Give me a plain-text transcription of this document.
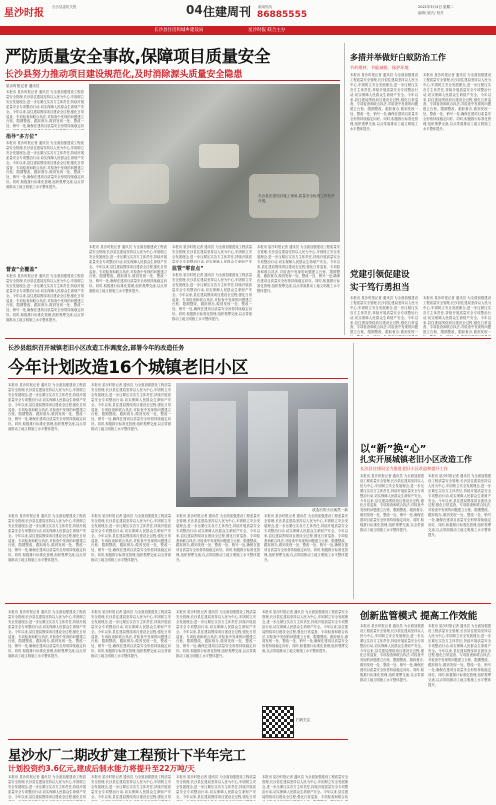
星沙时报
长沙县委机关报	04 住建周刊 新闻热线
86885555
2021年5月4日 星期二
编辑/ 版式/ 校对
长沙县住房和城乡建设局	星沙时报 联合主办
严防质量安全事故,保障项目质量安全
长沙县努力推动项目建设规范化,及时消除源头质量安全隐患
星沙时报记者 通讯员
本报讯 星沙时报记者 通讯员 为全面加强建设工程质量安全管理,长沙县住建局坚持以人民为中心,牢固树立安全发展理念,进一步压紧压实各方主体责任,持续开展质量安全专项整治行动,切实保障人民群众生命财产安全。今年以来,县住建局围绕项目建设全过程,强化日常巡查、专项检查和联合执法,对检查中发现的问题建立台账、限期整改、跟踪督办,做到发现一处、整改一处、销号一处,确保在建项目质量安全形势持续稳定向
指导“多方位”
本报讯 星沙时报记者 通讯员 为全面加强建设工程质量安全管理,长沙县住建局坚持以人民为中心,牢固树立安全发展理念,进一步压紧压实各方主体责任,持续开展质量安全专项整治行动,切实保障人民群众生命财产安全。今年以来,县住建局围绕项目建设全过程,强化日常巡查、专项检查和联合执法,对检查中发现的问题建立台账、限期整改、跟踪督办,做到发现一处、整改一处、销号一处,确保在建项目质量安全形势持续稳定向好。同时,积极推行标准化管理,组织观摩交流,以点带面推动工地文明施工水平整体提升。
督查“全覆盖”
本报讯 星沙时报记者 通讯员 为全面加强建设工程质量安全管理,长沙县住建局坚持以人民为中心,牢固树立安全发展理念,进一步压紧压实各方主体责任,持续开展质量安全专项整治行动,切实保障人民群众生命财产安全。今年以来,县住建局围绕项目建设全过程,强化日常巡查、专项检查和联合执法,对检查中发现的问题建立台账、限期整改、跟踪督办,做到发现一处、整改一处、销号一处,确保在建项目质量安全形势持续稳定向好。同时,积极推行标准化管理,组织观摩交流,以点带面推动工地文明施工水平整体提升。
长沙县在建项目施工现场,质量安全检查工作有序开展。
本报讯 星沙时报记者 通讯员 为全面加强建设工程质量安全管理,长沙县住建局坚持以人民为中心,牢固树立安全发展理念,进一步压紧压实各方主体责任,持续开展质量安全专项整治行动,切实保障人民群众生命财产安全。今年以来,县住建局围绕项目建设全过程,强化日常巡查、专项检查和联合执法,对检查中发现的问题建立台账、限期整改、跟踪督办,做到发现一处、整改一处、销号一处,确保在建项目质量安全形势持续稳定向好。同时,积极推行标准化管理,组织观摩交流,以点带面推动工地文明施工水平整体提升。
本报讯 星沙时报记者 通讯员 为全面加强建设工程质量安全管理,长沙县住建局坚持以人民为中心,牢固树立安全发展理念,进一步压紧压实各方主体责任,持续开展质量安全专项整治行动,切实保障人民群众生命财产安
监管“零盲点”
本报讯 星沙时报记者 通讯员 为全面加强建设工程质量安全管理,长沙县住建局坚持以人民为中心,牢固树立安全发展理念,进一步压紧压实各方主体责任,持续开展质量安全专项整治行动,切实保障人民群众生命财产安全。今年以来,县住建局围绕项目建设全过程,强化日常巡查、专项检查和联合执法,对检查中发现的问题建立台账、限期整改、跟踪督办,做到发现一处、整改一处、销号一处,确保在建项目质量安全形势持续稳定向好。同时,积极推行标准化管理,组织观摩交流,以点带面推动工地文明施工水平整体提升。
本报讯 星沙时报记者 通讯员 为全面加强建设工程质量安全管理,长沙县住建局坚持以人民为中心,牢固树立安全发展理念,进一步压紧压实各方主体责任,持续开展质量安全专项整治行动,切实保障人民群众生命财产安全。今年以来,县住建局围绕项目建设全过程,强化日常巡查、专项检查和联合执法,对检查中发现的问题建立台账、限期整改、跟踪督办,做到发现一处、整改一处、销号一处,确保在建项目质量安全形势持续稳定向好。同时,积极推行标准化管理,组织观摩交流,以点带面推动工地文明施工水平整体提升。
多措并举做好白蚁防治工作
节约建材、节能减排、保护环境
本报讯 星沙时报记者 通讯员 为全面加强建设工程质量安全管理,长沙县住建局坚持以人民为中心,牢固树立安全发展理念,进一步压紧压实各方主体责任,持续开展质量安全专项整治行动,切实保障人民群众生命财产安全。今年以来,县住建局围绕项目建设全过程,强化日常巡查、专项检查和联合执法,对检查中发现的问题建立台账、限期整改、跟踪督办,做到发现一处、整改一处、销号一处,确保在建项目质量安全形势持续稳定向好。同时,积极推行标准化管理,组织观摩交流,以点带面推动工地文明施工水平整体提升。
本报讯 星沙时报记者 通讯员 为全面加强建设工程质量安全管理,长沙县住建局坚持以人民为中心,牢固树立安全发展理念,进一步压紧压实各方主体责任,持续开展质量安全专项整治行动,切实保障人民群众生命财产安全。今年以来,县住建局围绕项目建设全过程,强化日常巡查、专项检查和联合执法,对检查中发现的问题建立台账、限期整改、跟踪督办,做到发现一处、整改一处、销号一处,确保在建项目质量安全形势持续稳定向好。同时,积极推行标准化管理,组织观摩交流,以点带面推动工地文明施工水平整体提升。
党建引领促建设
实干笃行勇担当
本报讯 星沙时报记者 通讯员 为全面加强建设工程质量安全管理,长沙县住建局坚持以人民为中心,牢固树立安全发展理念,进一步压紧压实各方主体责任,持续开展质量安全专项整治行动,切实保障人民群众生命财产安全。今年以来,县住建局围绕项目建设全过程,强化日常巡查、专项检查和联合执法,对检查中发现的问题建立台账、限期整改、跟踪督办,做到发现一
本报讯 星沙时报记者 通讯员 为全面加强建设工程质量安全管理,长沙县住建局坚持以人民为中心,牢固树立安全发展理念,进一步压紧压实各方主体责任,持续开展质量安全专项整治行动,切实保障人民群众生命财产安全。今年以来,县住建局围绕项目建设全过程,强化日常巡查、专项检查和联合执法,对检查中发现的问题建立台账、限期整改、跟踪督办,做到发现一
长沙县组织召开城镇老旧小区改造工作调度会,部署今年的改造任务
今年计划改造16个城镇老旧小区
本报讯 星沙时报记者 通讯员 为全面加强建设工程质量安全管理,长沙县住建局坚持以人民为中心,牢固树立安全发展理念,进一步压紧压实各方主体责任,持续开展质量安全专项整治行动,切实保障人民群众生命财产安全。今年以来,县住建局围绕项目建设全过程,强化日常巡查、专项检查和联合执法,对检查中发现的问题建立台账、限期整改、跟踪督办,做到发现一处、整改一处、销号一处,确保在建项目质量安全形势持续稳定向好。同时,积极推行标准化管理,组织观摩交流,以点带面推动工地文明施工水平整体提升。
本报讯 星沙时报记者 通讯员 为全面加强建设工程质量安全管理,长沙县住建局坚持以人民为中心,牢固树立安全发展理念,进一步压紧压实各方主体责任,持续开展质量安全专项整治行动,切实保障人民群众生命财产安全。今年以来,县住建局围绕项目建设全过程,强化日常巡查、专项检查和联合执法,对检查中发现的问题建立台账、限期整改、跟踪督办,做到发现一处、整改一处、销号一处,确保在建项目质量安全形势持续稳定向好。同时,积极推行标准化管理,组织观摩交流,以点带面推动工地文明施工水平整体提升。
改造后的小区焕然一新
本报讯 星沙时报记者 通讯员 为全面加强建设工程质量安全管理,长沙县住建局坚持以人民为中心,牢固树立安全发展理念,进一步压紧压实各方主体责任,持续开展质量安全专项整治行动,切实保障人民群众生命财产安全。今年以来,县住建局围绕项目建设全过程,强化日常巡查、专项检查和联合执法,对检查中发现的问题建立台账、限期整改、跟踪督办,做到发现一处、整改一处、销号一处,确保在建项目质量安全形势持续稳定向好。同时,积极推行标准化管理,组织观摩交流,以点带面推动工地文明施工水平整体提升。
本报讯 星沙时报记者 通讯员 为全面加强建设工程质量安全管理,长沙县住建局坚持以人民为中心,牢固树立安全发展理念,进一步压紧压实各方主体责任,持续开展质量安全专项整治行动,切实保障人民群众生命财产安全。今年以来,县住建局围绕项目建设全过程,强化日常巡查、专项检查和联合执法,对检查中发现的问题建立台账、限期整改、跟踪督办,做到发现一处、整改一处、销号一处,确保在建项目质量安全形势持续稳定向好。同时,积极推行标准化管理,组织观摩交流,以点带面推动工地文明施工水平整体提升。
本报讯 星沙时报记者 通讯员 为全面加强建设工程质量安全管理,长沙县住建局坚持以人民为中心,牢固树立安全发展理念,进一步压紧压实各方主体责任,持续开展质量安全专项整治行动,切实保障人民群众生命财产安全。今年以来,县住建局围绕项目建设全过程,强化日常巡查、专项检查和联合执法,对检查中发现的问题建立台账、限期整改、跟踪督办,做到发现一处、整改一处、销号一处,确保在建项目质量安全形势持续稳定向好。同时,积极推行标准化管理,组织观摩交流,以点带面推动工地文明施工水平整体提升。
本报讯 星沙时报记者 通讯员 为全面加强建设工程质量安全管理,长沙县住建局坚持以人民为中心,牢固树立安全发展理念,进一步压紧压实各方主体责任,持续开展质量安全专项整治行动,切实保障人民群众生命财产安全。今年以来,县住建局围绕项目建设全过程,强化日常巡查、专项检查和联合执法,对检查中发现的问题建立台账、限期整改、跟踪督办,做到发现一处、整改一处、销号一处,确保在建项目质量安全形势持续稳定向好。同时,积极推行标准化管理,组织观摩交流,以点带面推动工地文明施工水平整体提升。
以“新”换“心”
扎实开展城镇老旧小区改造工作
长沙县住建局全力推进老旧小区改造和提升工作
本报讯 星沙时报记者 通讯员 为全面加强建设工程质量安全管理,长沙县住建局坚持以人民为中心,牢固树立安全发展理念,进一步压紧压实各方主体责任,持续开展质量安全专项整治行动,切实保障人民群众生命财产安全。今年以来,县住建局围绕项目建设全过程,强化日常巡查、专项检查和联合执法,对检查中发现的问题建立台账、限期整改、跟踪督办,做到发现一处、整改一处、销号一处,确保在建项目质量安全形势持续稳定向好。同时,积极推行标准化管理,组织观摩交流,以点带面推动工地文明施工水平整体提升。
本报讯 星沙时报记者 通讯员 为全面加强建设工程质量安全管理,长沙县住建局坚持以人民为中心,牢固树立安全发展理念,进一步压紧压实各方主体责任,持续开展质量安全专项整治行动,切实保障人民群众生命财产安全。今年以来,县住建局围绕项目建设全过程,强化日常巡查、专项检查和联合执法,对检查中发现的问题建立台账、限期整改、跟踪督办,做到发现一处、整改一处、销号一处,确保在建项目质量安全形势持续稳定向好。同时,积极推行标准化管理,组织观摩交流,以点带面推动工地文明施工水平整体提升。
创新监管模式 提高工作效能
本报讯 星沙时报记者 通讯员 为全面加强建设工程质量安全管理,长沙县住建局坚持以人民为中心,牢固树立安全发展理念,进一步压紧压实各方主体责任,持续开展质量安全专项整治行动,切实保障人民群众生命财产安全。今年以来,县住建局围绕项目建设全过程,强化日常巡查、专项检查和联合执法,对检查中发现的问题建立台账、限期整改、跟踪督办,做到发现一处、整改一处、销号一处,确保在建项目质量安全形势持续稳定向好。同时,积极推行标准化管理,组织观摩交流,以点带面推动工地文明施工水平整体提升。
本报讯 星沙时报记者 通讯员 为全面加强建设工程质量安全管理,长沙县住建局坚持以人民为中心,牢固树立安全发展理念,进一步压紧压实各方主体责任,持续开展质量安全专项整治行动,切实保障人民群众生命财产安全。今年以来,县住建局围绕项目建设全过程,强化日常巡查、专项检查和联合执法,对检查中发现的问题建立台账、限期整改、跟踪督办,做到发现一处、整改一处、销号一处,确保在建项目质量安全形势持续稳定向好。同时,积极推行标准化管理,组织观摩交流,以点带面推动工地文明施工水平整体提升。
本报讯 星沙时报记者 通讯员 为全面加强建设工程质量安全管理,长沙县住建局坚持以人民为中心,牢固树立安全发展理念,进一步压紧压实各方主体责任,持续开展质量安全专项整治行动,切实保障人民群众生命财产安全。今年以来,县住建局围绕项目建设全过程,强化日常巡查、专项检查和联合执法,对检查中发现的问题建立台账、限期整改、跟踪督办,做到发现一处、整改一处、销号一处,确保在建项目质量安全形势持续稳定向好。同时,积极推行标准化管理,组织观摩交流,以点带面推动工地文明施工水平整体提升。
本报讯 星沙时报记者 通讯员 为全面加强建设工程质量安全管理,长沙县住建局坚持以人民为中心,牢固树立安全发展理念,进一步压紧压实各方主体责任,持续开展质量安全专项整治行动,切实保障人民群众生命财产安全。今年以来,县住建局围绕项目建设全过程,强化日常巡查、专项检查和联合执法,对检查中发现的问题建立台账、限期整改、跟踪督办,做到发现一处、整改一处、销号一处,确保在建项目质量安全形势持续稳定向好。同时,积极推行标准化管理,组织观摩交流,以点带面推动工地文明施工水平整体提升。
本报讯 星沙时报记者 通讯员 为全面加强建设工程质量安全管理,长沙县住建局坚持以人民为中心,牢固树立安全发展理念,进一步压紧压实各方主体责任,持续开展质量安全专项整治行动,切实保障人民群众生命财产安全。今年以来,县住建局围绕项目建设全过程,强化日常巡查、专项检查和联合执法,对检查中发现的问题建立台账、限期整改、跟踪督办,做到发现一处、整改一处、销号一处,确保在建项目质量安全形势持续稳定向好。同时,积极推行标准化管理,组织观摩交流,以点带面推动工地文明施工水平整体提升。
本报讯 星沙时报记者 通讯员 为全面加强建设工程质量安全管理,长沙县住建局坚持以人民为中心,牢固树立安全发展理念,进一步压紧压实各方主体责任,持续开展质量安全专项整治行动,切实保障人民群众生命财产安全。今年以来,县住建局围绕项目建设全过程,强化日常巡查、专项检查和联合执法,对检查中发现的问题建立台账、限期整改、跟踪督办,做到发现一处、整改一处、销号一处,确保在建项目质量安全形势持续稳定向好。同时,积极推行标准化管理,组织观摩交流,以点带面推动工地文明施工水平整体提升。
扫码关注
星沙水厂二期改扩建工程预计下半年完工
计划投资约3.6亿元,建成后制水能力将提升至22万吨/天
本报讯 星沙时报记者 通讯员 为全面加强建设工程质量安全管理,长沙县住建局坚持以人民为中心,牢固树立安全发展理念,进一步压紧压实各方主体责任,持续开展质量安全专项整治行动,切实保障人民群众生命财产安全。今年以来,县住建局围绕项目建设全过程,强化日常
本报讯 星沙时报记者 通讯员 为全面加强建设工程质量安全管理,长沙县住建局坚持以人民为中心,牢固树立安全发展理念,进一步压紧压实各方主体责任,持续开展质量安全专项整治行动,切实保障人民群众生命财产安全。今年以来,县住建局围绕项目建设全过程,强化日常
本报讯 星沙时报记者 通讯员 为全面加强建设工程质量安全管理,长沙县住建局坚持以人民为中心,牢固树立安全发展理念,进一步压紧压实各方主体责任,持续开展质量安全专项整治行动,切实保障人民群众生命财产安全。今年以来,县住建局围绕项目建设全过程,强化日常
本报讯 星沙时报记者 通讯员 为全面加强建设工程质量安全管理,长沙县住建局坚持以人民为中心,牢固树立安全发展理念,进一步压紧压实各方主体责任,持续开展质量安全专项整治行动,切实保障人民群众生命财产安全。今年以来,县住建局围绕项目建设全过程,强化日常巡查、专项检查和联合执
